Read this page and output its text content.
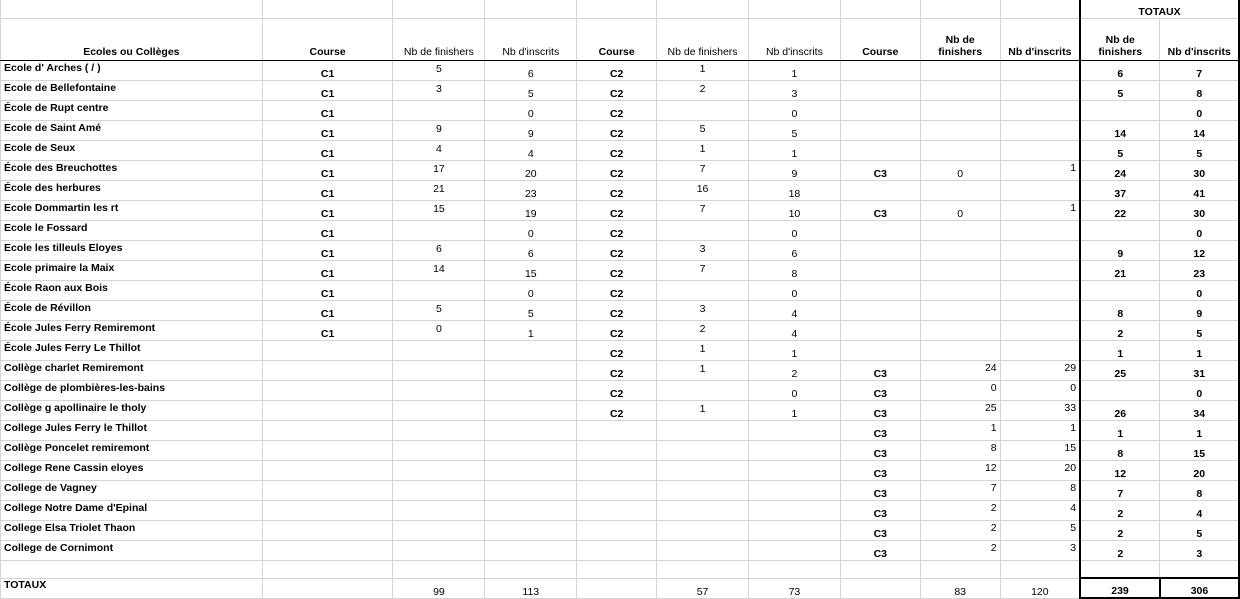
										TOTAUX	
Ecoles ou Collèges	Course	Nb de finishers	Nb d'inscrits	Course	Nb de finishers	Nb d'inscrits	Course	Nb de finishers	Nb d'inscrits	Nb de finishers	Nb d'inscrits
Ecole d' Arches ( / )	C1	5	6	C2	1	1				6	7
Ecole de Bellefontaine	C1	3	5	C2	2	3				5	8
École de Rupt centre	C1		0	C2		0					0
Ecole de Saint Amé	C1	9	9	C2	5	5				14	14
Ecole de Seux	C1	4	4	C2	1	1				5	5
École des Breuchottes	C1	17	20	C2	7	9	C3	0	1	24	30
École des herbures	C1	21	23	C2	16	18				37	41
Ecole Dommartin les rt	C1	15	19	C2	7	10	C3	0	1	22	30
Ecole le Fossard	C1		0	C2		0					0
Ecole les tilleuls Eloyes	C1	6	6	C2	3	6				9	12
Ecole primaire la Maix	C1	14	15	C2	7	8				21	23
École Raon aux Bois	C1		0	C2		0					0
École de Révillon	C1	5	5	C2	3	4				8	9
École Jules Ferry Remiremont	C1	0	1	C2	2	4				2	5
École Jules Ferry Le Thillot				C2	1	1				1	1
Collège charlet Remiremont				C2	1	2	C3	24	29	25	31
Collège de plombières-les-bains				C2		0	C3	0	0		0
Collège g apollinaire le tholy				C2	1	1	C3	25	33	26	34
College Jules Ferry le Thillot							C3	1	1	1	1
Collège Poncelet remiremont							C3	8	15	8	15
College Rene Cassin eloyes							C3	12	20	12	20
College de Vagney							C3	7	8	7	8
College Notre Dame d'Epinal							C3	2	4	2	4
College Elsa Triolet Thaon							C3	2	5	2	5
College de Cornimont							C3	2	3	2	3

TOTAUX		99	113		57	73		83	120	239	306
